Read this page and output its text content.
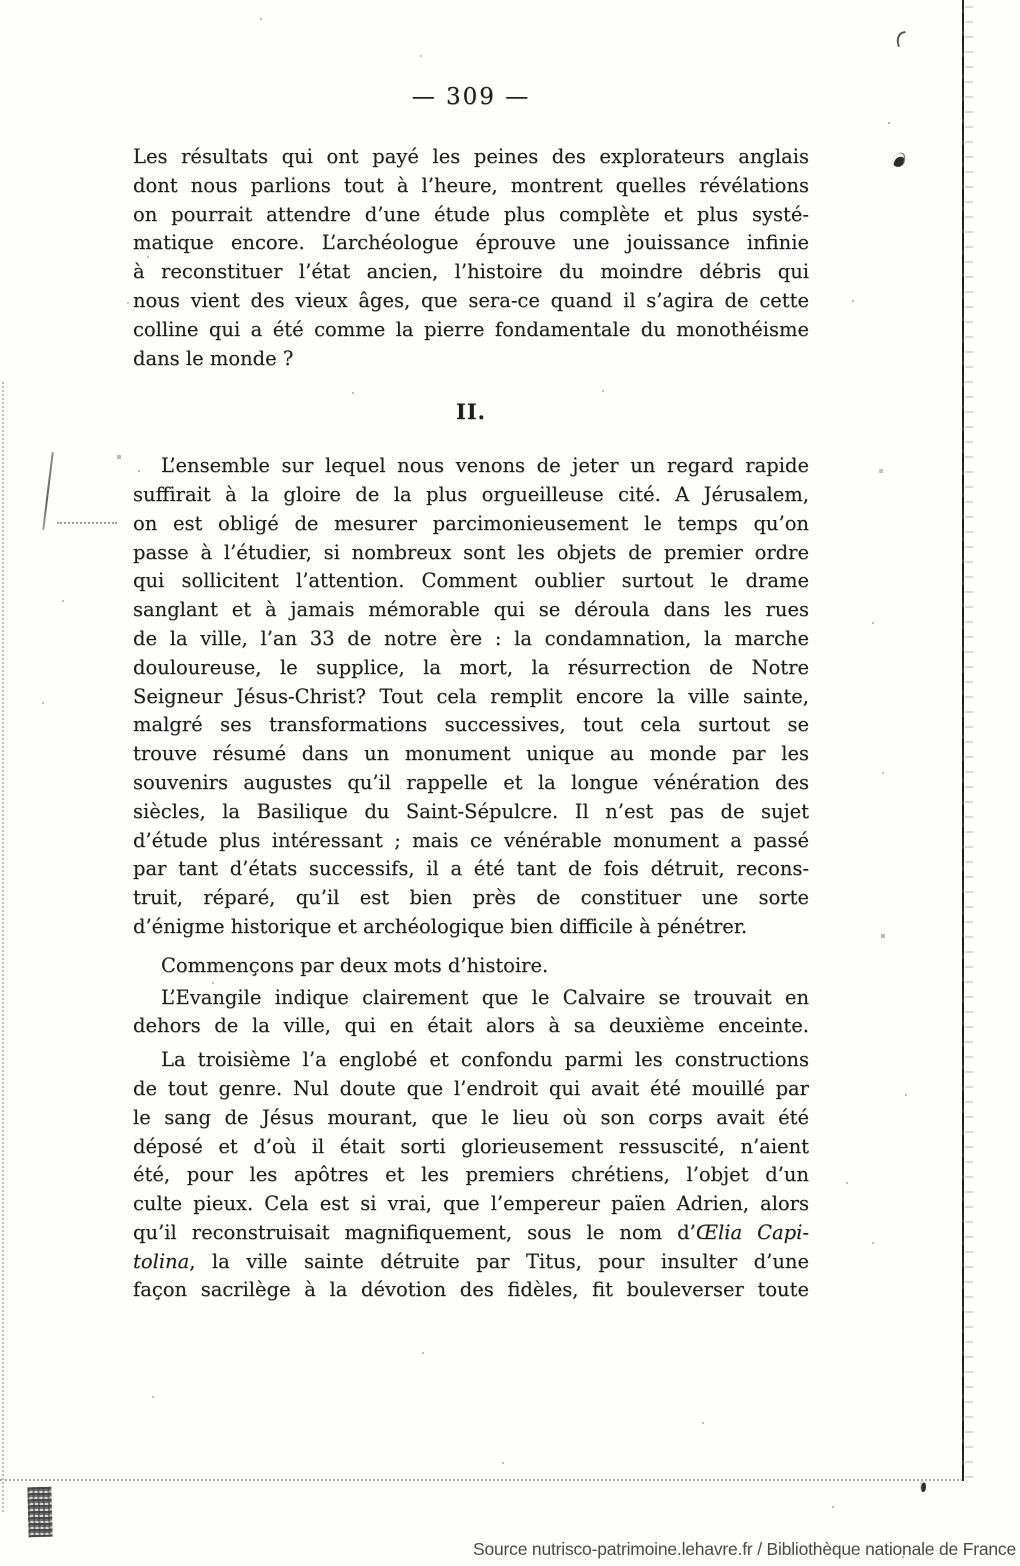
— 309 —
Les résultats qui ont payé les peines des explorateurs anglais
dont nous parlions tout à l’heure, montrent quelles révélations
on pourrait attendre d’une étude plus complète et plus systé-
matique encore. L’archéologue éprouve une jouissance infinie
à reconstituer l’état ancien, l’histoire du moindre débris qui
nous vient des vieux âges, que sera-ce quand il s’agira de cette
colline qui a été comme la pierre fondamentale du monothéisme
dans le monde ?
II.
L’ensemble sur lequel nous venons de jeter un regard rapide
suffirait à la gloire de la plus orgueilleuse cité. A Jérusalem,
on est obligé de mesurer parcimonieusement le temps qu’on
passe à l’étudier, si nombreux sont les objets de premier ordre
qui sollicitent l’attention. Comment oublier surtout le drame
sanglant et à jamais mémorable qui se déroula dans les rues
de la ville, l’an 33 de notre ère : la condamnation, la marche
douloureuse, le supplice, la mort, la résurrection de Notre
Seigneur Jésus-Christ? Tout cela remplit encore la ville sainte,
malgré ses transformations successives, tout cela surtout se
trouve résumé dans un monument unique au monde par les
souvenirs augustes qu’il rappelle et la longue vénération des
siècles, la Basilique du Saint-Sépulcre. Il n’est pas de sujet
d’étude plus intéressant ; mais ce vénérable monument a passé
par tant d’états successifs, il a été tant de fois détruit, recons-
truit, réparé, qu’il est bien près de constituer une sorte
d’énigme historique et archéologique bien difficile à pénétrer.
Commençons par deux mots d’histoire.
L’Evangile indique clairement que le Calvaire se trouvait en
dehors de la ville, qui en était alors à sa deuxième enceinte.
La troisième l’a englobé et confondu parmi les constructions
de tout genre. Nul doute que l’endroit qui avait été mouillé par
le sang de Jésus mourant, que le lieu où son corps avait été
déposé et d’où il était sorti glorieusement ressuscité, n’aient
été, pour les apôtres et les premiers chrétiens, l’objet d’un
culte pieux. Cela est si vrai, que l’empereur païen Adrien, alors
qu’il reconstruisait magnifiquement, sous le nom d’Œlia Capi-
tolina, la ville sainte détruite par Titus, pour insulter d’une
façon sacrilège à la dévotion des fidèles, fit bouleverser toute
Source nutrisco-patrimoine.lehavre.fr / Bibliothèque nationale de France
